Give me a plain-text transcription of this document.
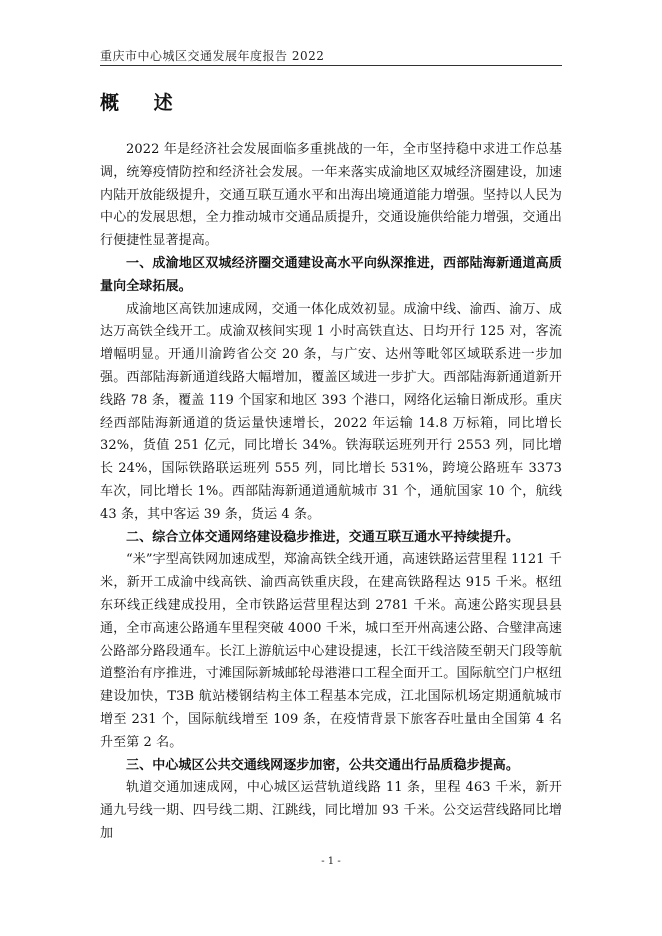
重庆市中心城区交通发展年度报告 2022
概 述

2022 年是经济社会发展面临多重挑战的一年，全市坚持稳中求进工作总基调，统筹疫情防控和经济社会发展。一年来落实成渝地区双城经济圈建设，加速内陆开放能级提升，交通互联互通水平和出海出境通道能力增强。坚持以人民为中心的发展思想，全力推动城市交通品质提升，交通设施供给能力增强，交通出行便捷性显著提高。

一、成渝地区双城经济圈交通建设高水平向纵深推进，西部陆海新通道高质量向全球拓展。

成渝地区高铁加速成网，交通一体化成效初显。成渝中线、渝西、渝万、成达万高铁全线开工。成渝双核间实现 1 小时高铁直达、日均开行 125 对，客流增幅明显。开通川渝跨省公交 20 条，与广安、达州等毗邻区域联系进一步加强。西部陆海新通道线路大幅增加，覆盖区域进一步扩大。西部陆海新通道新开线路 78 条，覆盖 119 个国家和地区 393 个港口，网络化运输日渐成形。重庆经西部陆海新通道的货运量快速增长，2022 年运输 14.8 万标箱，同比增长 32%，货值 251 亿元，同比增长 34%。铁海联运班列开行 2553 列，同比增长 24%，国际铁路联运班列 555 列，同比增长 531%，跨境公路班车 3373 车次，同比增长 1%。西部陆海新通道通航城市 31 个，通航国家 10 个，航线 43 条，其中客运 39 条，货运 4 条。

二、综合立体交通网络建设稳步推进，交通互联互通水平持续提升。

“米”字型高铁网加速成型，郑渝高铁全线开通，高速铁路运营里程 1121 千米，新开工成渝中线高铁、渝西高铁重庆段，在建高铁路程达 915 千米。枢纽东环线正线建成投用，全市铁路运营里程达到 2781 千米。高速公路实现县县通，全市高速公路通车里程突破 4000 千米，城口至开州高速公路、合璧津高速公路部分路段通车。长江上游航运中心建设提速，长江干线涪陵至朝天门段等航道整治有序推进，寸滩国际新城邮轮母港港口工程全面开工。国际航空门户枢纽建设加快，T3B 航站楼钢结构主体工程基本完成，江北国际机场定期通航城市增至 231 个，国际航线增至 109 条，在疫情背景下旅客吞吐量由全国第 4 名升至第 2 名。

三、中心城区公共交通线网逐步加密，公共交通出行品质稳步提高。

轨道交通加速成网，中心城区运营轨道线路 11 条，里程 463 千米，新开通九号线一期、四号线二期、江跳线，同比增加 93 千米。公交运营线路同比增加

- 1 -
